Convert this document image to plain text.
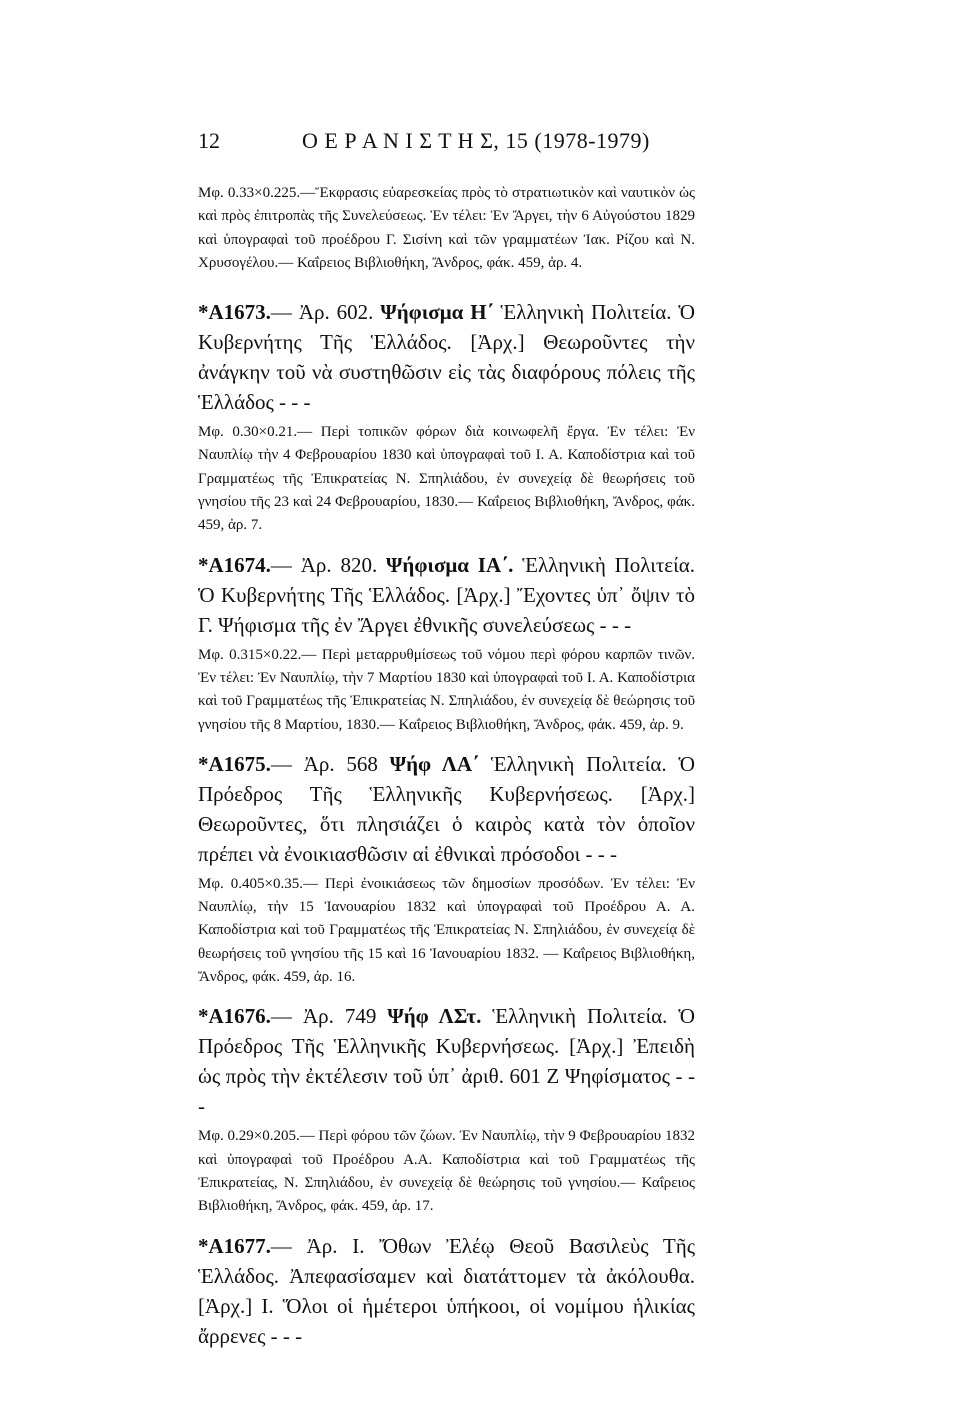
12	Ο Ε Ρ Α Ν Ι Σ Τ Η Σ, 15 (1978-1979)

Μφ. 0.33×0.225.—Ἔκφρασις εὐαρεσκείας πρὸς τὸ στρατιωτικὸν καὶ ναυτικὸν ὡς καὶ πρὸς ἐπιτροπὰς τῆς Συνελεύσεως. Ἐν τέλει: Ἐν Ἄργει, τὴν 6 Αὐγούστου 1829 καὶ ὑπογραφαὶ τοῦ προέδρου Γ. Σισίνη καὶ τῶν γραμματέων Ἰακ. Ρίζου καὶ Ν. Χρυσογέλου.— Καΐρειος Βιβλιοθήκη, Ἄνδρος, φάκ. 459, ἀρ. 4.

*Α1673.— Ἀρ. 602. Ψήφισμα Η΄ Ἑλληνικὴ Πολιτεία. Ὁ Κυβερνήτης Τῆς Ἑλλάδος. [Ἀρχ.] Θεωροῦντες τὴν ἀνάγκην τοῦ νὰ συστηθῶσιν εἰς τὰς διαφόρους πόλεις τῆς Ἑλλάδος - - -

Μφ. 0.30×0.21.— Περὶ τοπικῶν φόρων διὰ κοινωφελῆ ἔργα. Ἐν τέλει: Ἐν Ναυπλίῳ τὴν 4 Φεβρουαρίου 1830 καὶ ὑπογραφαὶ τοῦ Ι. Α. Καποδίστρια καὶ τοῦ Γραμματέως τῆς Ἐπικρατείας Ν. Σπηλιάδου, ἐν συνεχείᾳ δὲ θεωρήσεις τοῦ γνησίου τῆς 23 καὶ 24 Φεβρουαρίου, 1830.— Καΐρειος Βιβλιοθήκη, Ἄνδρος, φάκ. 459, ἀρ. 7.

*Α1674.— Ἀρ. 820. Ψήφισμα ΙΑ΄. Ἑλληνικὴ Πολιτεία. Ὁ Κυβερνήτης Τῆς Ἑλλάδος. [Ἀρχ.] Ἔχοντες ὑπ᾽ ὄψιν τὸ Γ. Ψήφισμα τῆς ἐν Ἄργει ἐθνικῆς συνελεύσεως - - -

Μφ. 0.315×0.22.— Περὶ μεταρρυθμίσεως τοῦ νόμου περὶ φόρου καρπῶν τινῶν. Ἐν τέλει: Ἐν Ναυπλίῳ, τὴν 7 Μαρτίου 1830 καὶ ὑπογραφαὶ τοῦ Ι. Α. Καποδίστρια καὶ τοῦ Γραμματέως τῆς Ἐπικρατείας Ν. Σπηλιάδου, ἐν συνεχείᾳ δὲ θεώρησις τοῦ γνησίου τῆς 8 Μαρτίου, 1830.— Καΐρειος Βιβλιοθήκη, Ἄνδρος, φάκ. 459, ἀρ. 9.

*Α1675.— Ἀρ. 568 Ψήφ ΛΑ΄ Ἑλληνικὴ Πολιτεία. Ὁ Πρόεδρος Τῆς Ἑλληνικῆς Κυβερνήσεως. [Ἀρχ.] Θεωροῦντες, ὅτι πλησιάζει ὁ καιρὸς κατὰ τὸν ὁποῖον πρέπει νὰ ἐνοικιασθῶσιν αἱ ἐθνικαὶ πρόσοδοι - - -

Μφ. 0.405×0.35.— Περὶ ἐνοικιάσεως τῶν δημοσίων προσόδων. Ἐν τέλει: Ἐν Ναυπλίῳ, τὴν 15 Ἰανουαρίου 1832 καὶ ὑπογραφαὶ τοῦ Προέδρου Α. Α. Καποδίστρια καὶ τοῦ Γραμματέως τῆς Ἐπικρατείας Ν. Σπηλιάδου, ἐν συνεχείᾳ δὲ θεωρήσεις τοῦ γνησίου τῆς 15 καὶ 16 Ἰανουαρίου 1832. — Καΐρειος Βιβλιοθήκη, Ἄνδρος, φάκ. 459, ἀρ. 16.

*Α1676.— Ἀρ. 749 Ψήφ ΛΣτ. Ἑλληνικὴ Πολιτεία. Ὁ Πρόεδρος Τῆς Ἑλληνικῆς Κυβερνήσεως. [Ἀρχ.] Ἐπειδὴ ὡς πρὸς τὴν ἐκτέλεσιν τοῦ ὑπ᾽ ἀριθ. 601 Ζ Ψηφίσματος - - -

Μφ. 0.29×0.205.— Περὶ φόρου τῶν ζώων. Ἐν Ναυπλίῳ, τὴν 9 Φεβρουαρίου 1832 καὶ ὑπογραφαὶ τοῦ Προέδρου Α.Α. Καποδίστρια καὶ τοῦ Γραμματέως τῆς Ἐπικρατείας, Ν. Σπηλιάδου, ἐν συνεχείᾳ δὲ θεώρησις τοῦ γνησίου.— Καΐρειος Βιβλιοθήκη, Ἄνδρος, φάκ. 459, ἀρ. 17.

*Α1677.— Ἀρ. Ι. Ὄθων Ἐλέῳ Θεοῦ Βασιλεὺς Τῆς Ἑλλάδος. Ἀπεφασίσαμεν καὶ διατάττομεν τὰ ἀκόλουθα. [Ἀρχ.] Ι. Ὅλοι οἱ ἡμέτεροι ὑπήκοοι, οἱ νομίμου ἡλικίας ἄρρενες - - -
